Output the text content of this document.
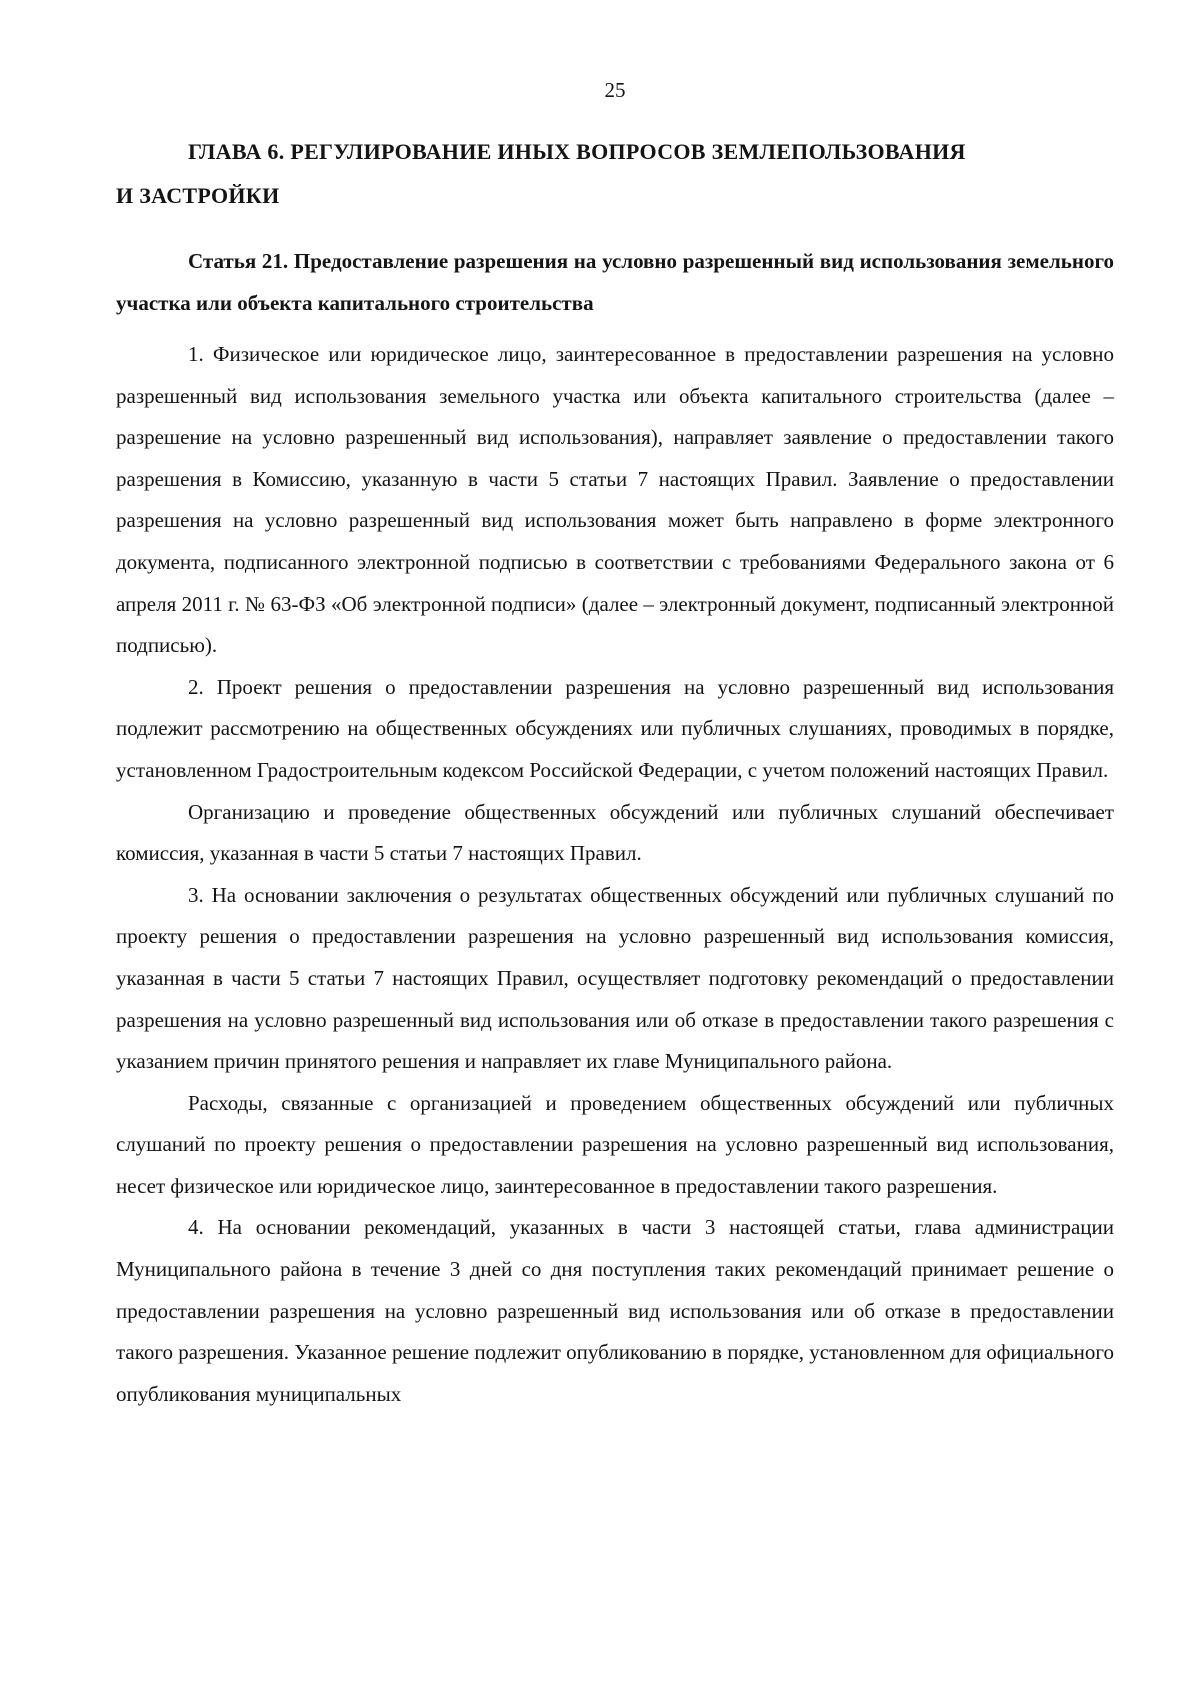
25
ГЛАВА 6. РЕГУЛИРОВАНИЕ ИНЫХ ВОПРОСОВ ЗЕМЛЕПОЛЬЗОВАНИЯ
И ЗАСТРОЙКИ
Статья 21. Предоставление разрешения на условно разрешенный вид использования земельного участка или объекта капитального строительства

1. Физическое или юридическое лицо, заинтересованное в предоставлении разрешения на условно разрешенный вид использования земельного участка или объекта капитального строительства (далее – разрешение на условно разрешенный вид использования), направляет заявление о предоставлении такого разрешения в Комиссию, указанную в части 5 статьи 7 настоящих Правил. Заявление о предоставлении разрешения на условно разрешенный вид использования может быть направлено в форме электронного документа, подписанного электронной подписью в соответствии с требованиями Федерального закона от 6 апреля 2011 г. № 63-ФЗ «Об электронной подписи» (далее – электронный документ, подписанный электронной подписью).

2. Проект решения о предоставлении разрешения на условно разрешенный вид использования подлежит рассмотрению на общественных обсуждениях или публичных слушаниях, проводимых в порядке, установленном Градостроительным кодексом Российской Федерации, с учетом положений настоящих Правил.

Организацию и проведение общественных обсуждений или публичных слушаний обеспечивает комиссия, указанная в части 5 статьи 7 настоящих Правил.

3. На основании заключения о результатах общественных обсуждений или публичных слушаний по проекту решения о предоставлении разрешения на условно разрешенный вид использования комиссия, указанная в части 5 статьи 7 настоящих Правил, осуществляет подготовку рекомендаций о предоставлении разрешения на условно разрешенный вид использования или об отказе в предоставлении такого разрешения с указанием причин принятого решения и направляет их главе Муниципального района.

Расходы, связанные с организацией и проведением общественных обсуждений или публичных слушаний по проекту решения о предоставлении разрешения на условно разрешенный вид использования, несет физическое или юридическое лицо, заинтересованное в предоставлении такого разрешения.

4. На основании рекомендаций, указанных в части 3 настоящей статьи, глава администрации Муниципального района в течение 3 дней со дня поступления таких рекомендаций принимает решение о предоставлении разрешения на условно разрешенный вид использования или об отказе в предоставлении такого разрешения. Указанное решение подлежит опубликованию в порядке, установленном для официального опубликования муниципальных
